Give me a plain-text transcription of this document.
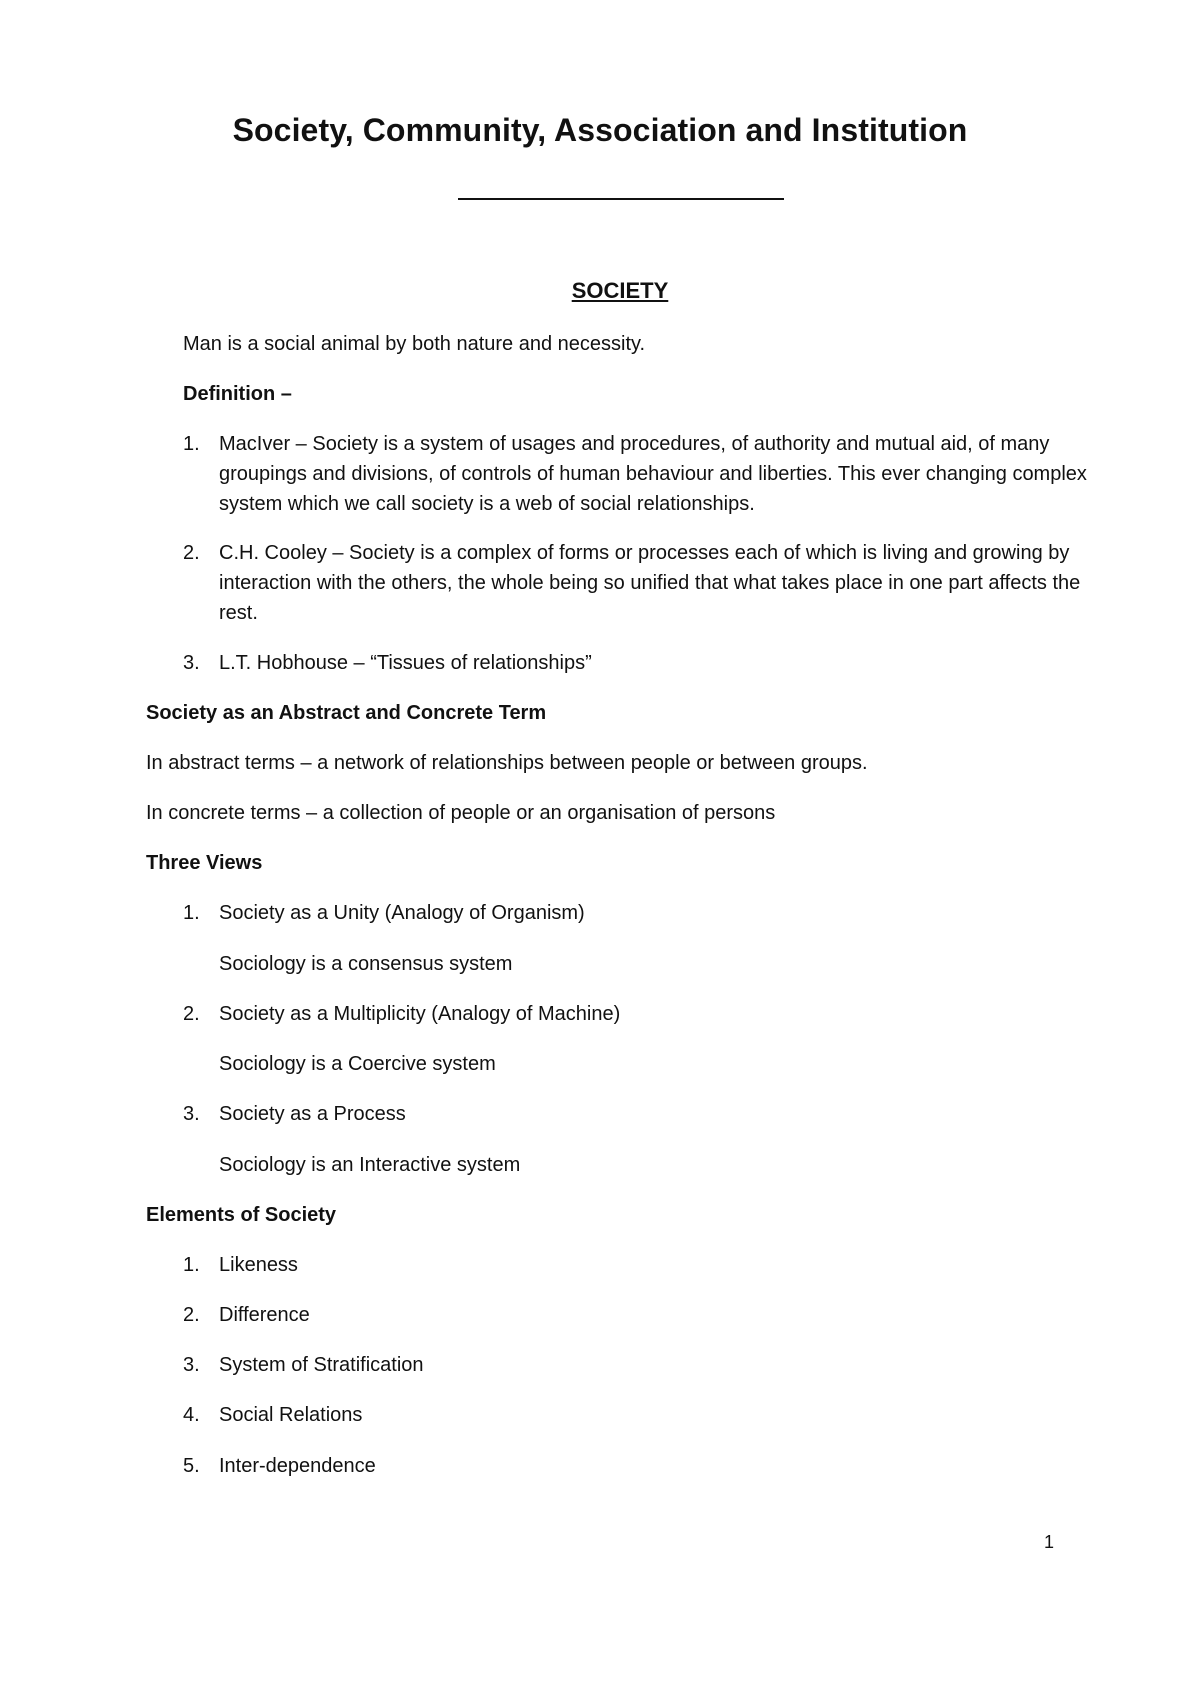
Society, Community, Association and Institution
SOCIETY
Man is a social animal by both nature and necessity.
Definition –
1. MacIver – Society is a system of usages and procedures, of authority and mutual aid, of many groupings and divisions, of controls of human behaviour and liberties. This ever changing complex system which we call society is a web of social relationships.
2. C.H. Cooley – Society is a complex of forms or processes each of which is living and growing by interaction with the others, the whole being so unified that what takes place in one part affects the rest.
3. L.T. Hobhouse – “Tissues of relationships”
Society as an Abstract and Concrete Term
In abstract terms – a network of relationships between people or between groups.
In concrete terms – a collection of people or an organisation of persons
Three Views
1. Society as a Unity (Analogy of Organism)
Sociology is a consensus system
2. Society as a Multiplicity (Analogy of Machine)
Sociology is a Coercive system
3. Society as a Process
Sociology is an Interactive system
Elements of Society
1. Likeness
2. Difference
3. System of Stratification
4. Social Relations
5. Inter-dependence
1
